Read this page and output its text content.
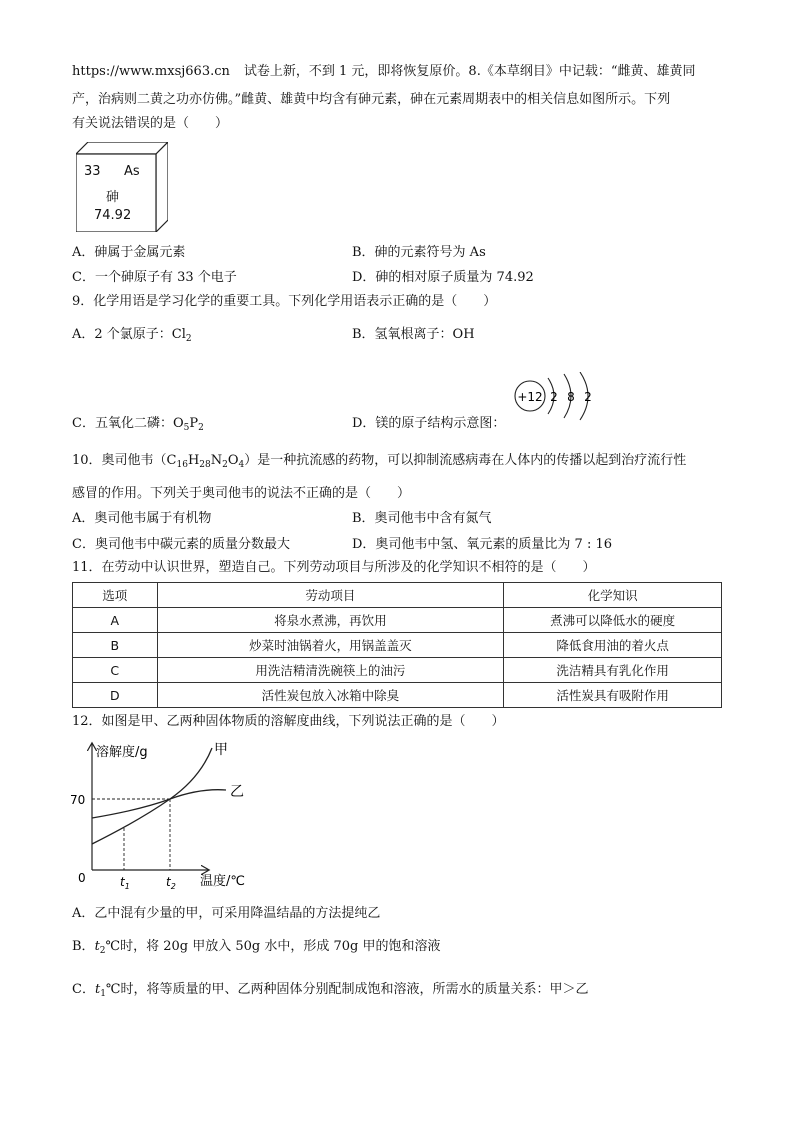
https://www.mxsj663.cn 试卷上新，不到 1 元，即将恢复原价。8.《本草纲目》中记载：“雌黄、雄黄同
产，治病则二黄之功亦仿佛。”雌黄、雄黄中均含有砷元素，砷在元素周期表中的相关信息如图所示。下列
有关说法错误的是（　　）
33 As
砷
74.92
A．砷属于金属元素	B．砷的元素符号为 As
C．一个砷原子有 33 个电子	D．砷的相对原子质量为 74.92
9．化学用语是学习化学的重要工具。下列化学用语表示正确的是（　　）
A．2 个氯原子：$Cl_2$	B．氢氧根离子：OH
C．五氧化二磷：$O_5P_2$	D．镁的原子结构示意图：
+12 2 8 2
10．奥司他韦$(C_{16}H_{28}N_2O_4)$是一种抗流感的药物，可以抑制流感病毒在人体内的传播以起到治疗流行性
感冒的作用。下列关于奥司他韦的说法不正确的是（　　）
A．奥司他韦属于有机物	B．奥司他韦中含有氮气
C．奥司他韦中碳元素的质量分数最大	D．奥司他韦中氢、氧元素的质量比为 7 : 16
11．在劳动中认识世界，塑造自己。下列劳动项目与所涉及的化学知识不相符的是（　　）
选项	劳动项目	化学知识
A	将泉水煮沸，再饮用	煮沸可以降低水的硬度
B	炒菜时油锅着火，用锅盖盖灭	降低食用油的着火点
C	用洗洁精清洗碗筷上的油污	洗洁精具有乳化作用
D	活性炭包放入冰箱中除臭	活性炭具有吸附作用
12．如图是甲、乙两种固体物质的溶解度曲线，下列说法正确的是（　　）
溶解度/g
温度/℃
0
70
甲
乙
$t_1$	$t_2$
A．乙中混有少量的甲，可采用降温结晶的方法提纯乙
B．$t_2℃$时，将 20g 甲放入 50g 水中，形成 70g 甲的饱和溶液
C．$t_1℃$时，将等质量的甲、乙两种固体分别配制成饱和溶液，所需水的质量关系：甲＞乙
